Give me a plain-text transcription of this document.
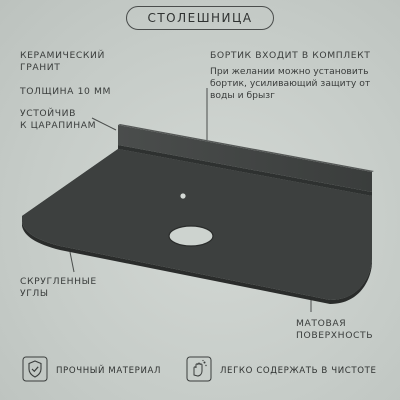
СТОЛЕШНИЦА
КЕРАМИЧЕСКИЙ
ГРАНИТ
ТОЛЩИНА 10 ММ
УСТОЙЧИВ
К ЦАРАПИНАМ
СКРУГЛЕННЫЕ
УГЛЫ
БОРТИК ВХОДИТ В КОМПЛЕКТ
При желании можно установить
бортик, усиливающий защиту от
воды и брызг
МАТОВАЯ
ПОВЕРХНОСТЬ
ПРОЧНЫЙ МАТЕРИАЛ	ЛЕГКО СОДЕРЖАТЬ В ЧИСТОТЕ
